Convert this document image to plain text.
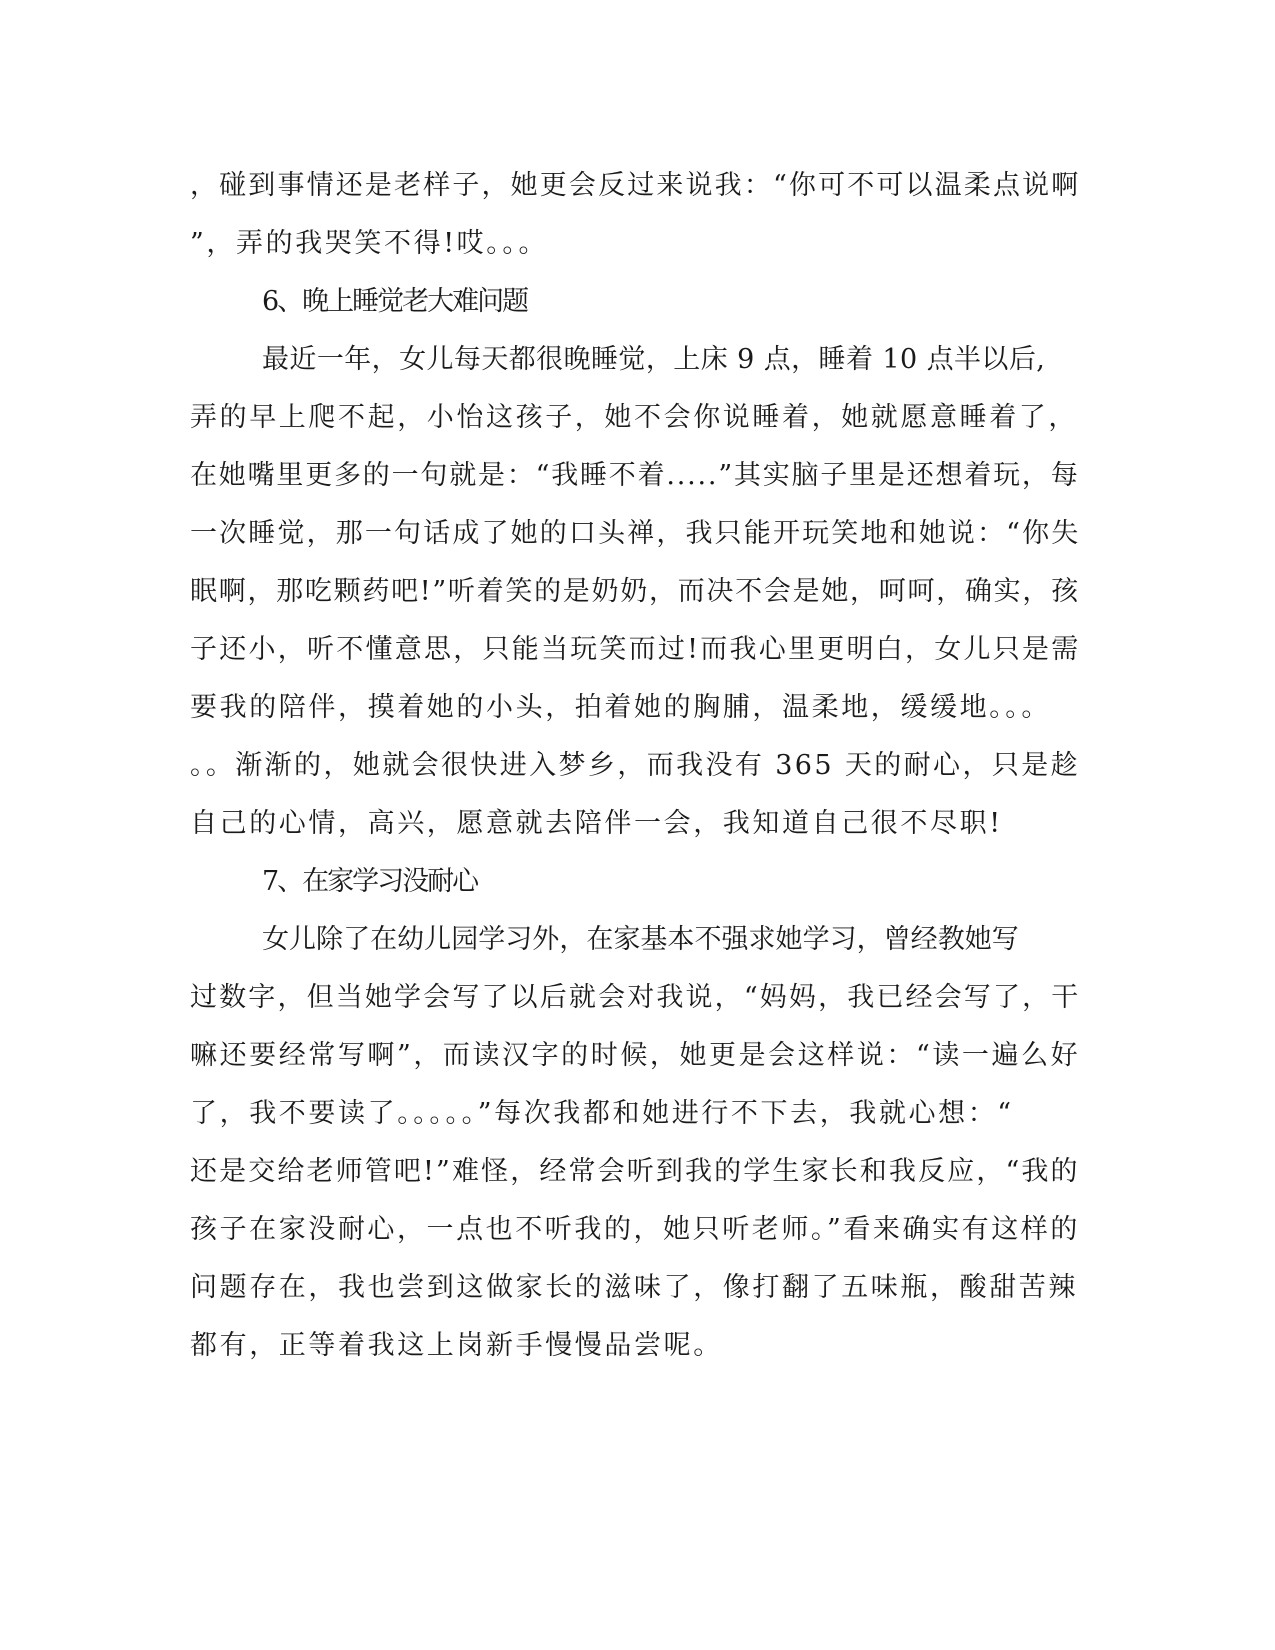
，碰到事情还是老样子，她更会反过来说我：“你可不可以温柔点说啊
”，弄的我哭笑不得!哎。。。
6、晚上睡觉老大难问题
最近一年，女儿每天都很晚睡觉，上床 9 点，睡着 10 点半以后,
弄的早上爬不起，小怡这孩子，她不会你说睡着，她就愿意睡着了，
在她嘴里更多的一句就是：“我睡不着.....”其实脑子里是还想着玩，每
一次睡觉，那一句话成了她的口头禅，我只能开玩笑地和她说：“你失
眠啊，那吃颗药吧!”听着笑的是奶奶，而决不会是她，呵呵，确实，孩
子还小，听不懂意思，只能当玩笑而过!而我心里更明白，女儿只是需
要我的陪伴，摸着她的小头，拍着她的胸脯，温柔地，缓缓地。。。
。。渐渐的，她就会很快进入梦乡，而我没有 365 天的耐心，只是趁
自己的心情，高兴，愿意就去陪伴一会，我知道自己很不尽职!
7、在家学习没耐心
女儿除了在幼儿园学习外，在家基本不强求她学习，曾经教她写
过数字，但当她学会写了以后就会对我说，“妈妈，我已经会写了，干
嘛还要经常写啊”，而读汉字的时候，她更是会这样说：“读一遍么好
了，我不要读了。。。。。”每次我都和她进行不下去，我就心想：“
还是交给老师管吧!”难怪，经常会听到我的学生家长和我反应，“我的
孩子在家没耐心，一点也不听我的，她只听老师。”看来确实有这样的
问题存在，我也尝到这做家长的滋味了，像打翻了五味瓶，酸甜苦辣
都有，正等着我这上岗新手慢慢品尝呢。
